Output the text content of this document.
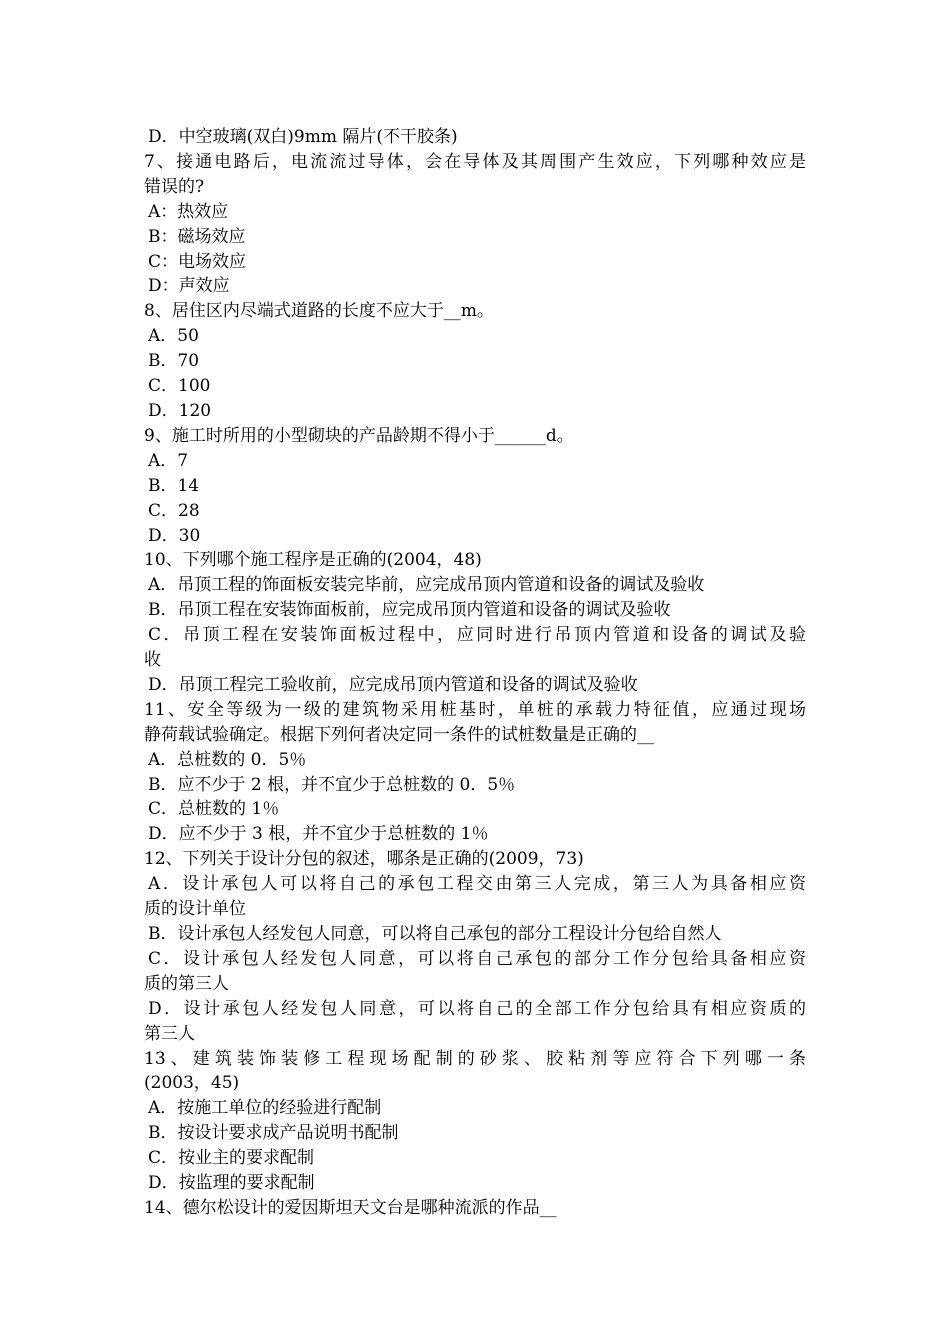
D．中空玻璃(双白)9mm 隔片(不干胶条)
7、接通电路后，电流流过导体，会在导体及其周围产生效应，下列哪种效应是
错误的?
A：热效应
B：磁场效应
C：电场效应
D：声效应
8、居住区内尽端式道路的长度不应大于__m。
A．50
B．70
C．100
D．120
9、施工时所用的小型砌块的产品龄期不得小于______d。
A．7
B．14
C．28
D．30
10、下列哪个施工程序是正确的(2004，48)
A．吊顶工程的饰面板安装完毕前，应完成吊顶内管道和设备的调试及验收
B．吊顶工程在安装饰面板前，应完成吊顶内管道和设备的调试及验收
C．吊顶工程在安装饰面板过程中，应同时进行吊顶内管道和设备的调试及验
收
D．吊顶工程完工验收前，应完成吊顶内管道和设备的调试及验收
11、安全等级为一级的建筑物采用桩基时，单桩的承载力特征值，应通过现场
静荷载试验确定。根据下列何者决定同一条件的试桩数量是正确的__
A．总桩数的 0．5％
B．应不少于 2 根，并不宜少于总桩数的 0．5％
C．总桩数的 1％
D．应不少于 3 根，并不宜少于总桩数的 1％
12、下列关于设计分包的叙述，哪条是正确的(2009，73)
A．设计承包人可以将自己的承包工程交由第三人完成，第三人为具备相应资
质的设计单位
B．设计承包人经发包人同意，可以将自己承包的部分工程设计分包给自然人
C．设计承包人经发包人同意，可以将自己承包的部分工作分包给具备相应资
质的第三人
D．设计承包人经发包人同意，可以将自己的全部工作分包给具有相应资质的
第三人
13、建筑装饰装修工程现场配制的砂浆、胶粘剂等应符合下列哪一条
(2003，45)
A．按施工单位的经验进行配制
B．按设计要求成产品说明书配制
C．按业主的要求配制
D．按监理的要求配制
14、德尔松设计的爱因斯坦天文台是哪种流派的作品__
